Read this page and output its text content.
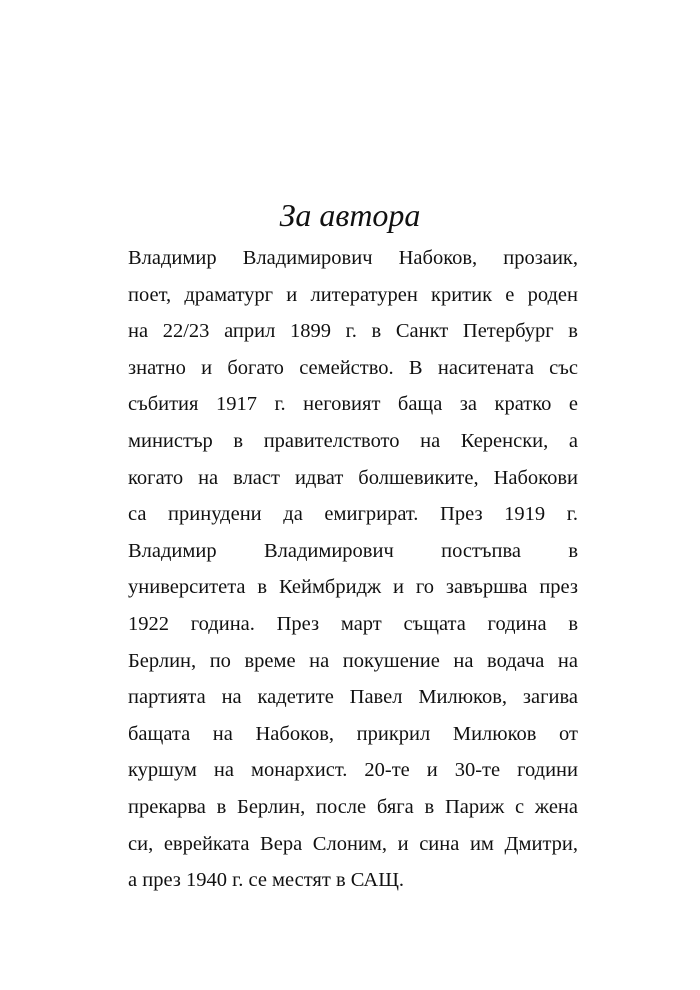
За автора
Владимир Владимирович Набоков, прозаик,
поет, драматург и литературен критик е роден
на 22/23 април 1899 г. в Санкт Петербург в
знатно и богато семейство. В наситената със
събития 1917 г. неговият баща за кратко е
министър в правителството на Керенски, а
когато на власт идват болшевиките, Набокови
са принудени да емигрират. През 1919 г.
Владимир Владимирович постъпва в
университета в Кеймбридж и го завършва през
1922 година. През март същата година в
Берлин, по време на покушение на водача на
партията на кадетите Павел Милюков, загива
бащата на Набоков, прикрил Милюков от
куршум на монархист. 20-те и 30-те години
прекарва в Берлин, после бяга в Париж с жена
си, еврейката Вера Слоним, и сина им Дмитри,
а през 1940 г. се местят в САЩ.
